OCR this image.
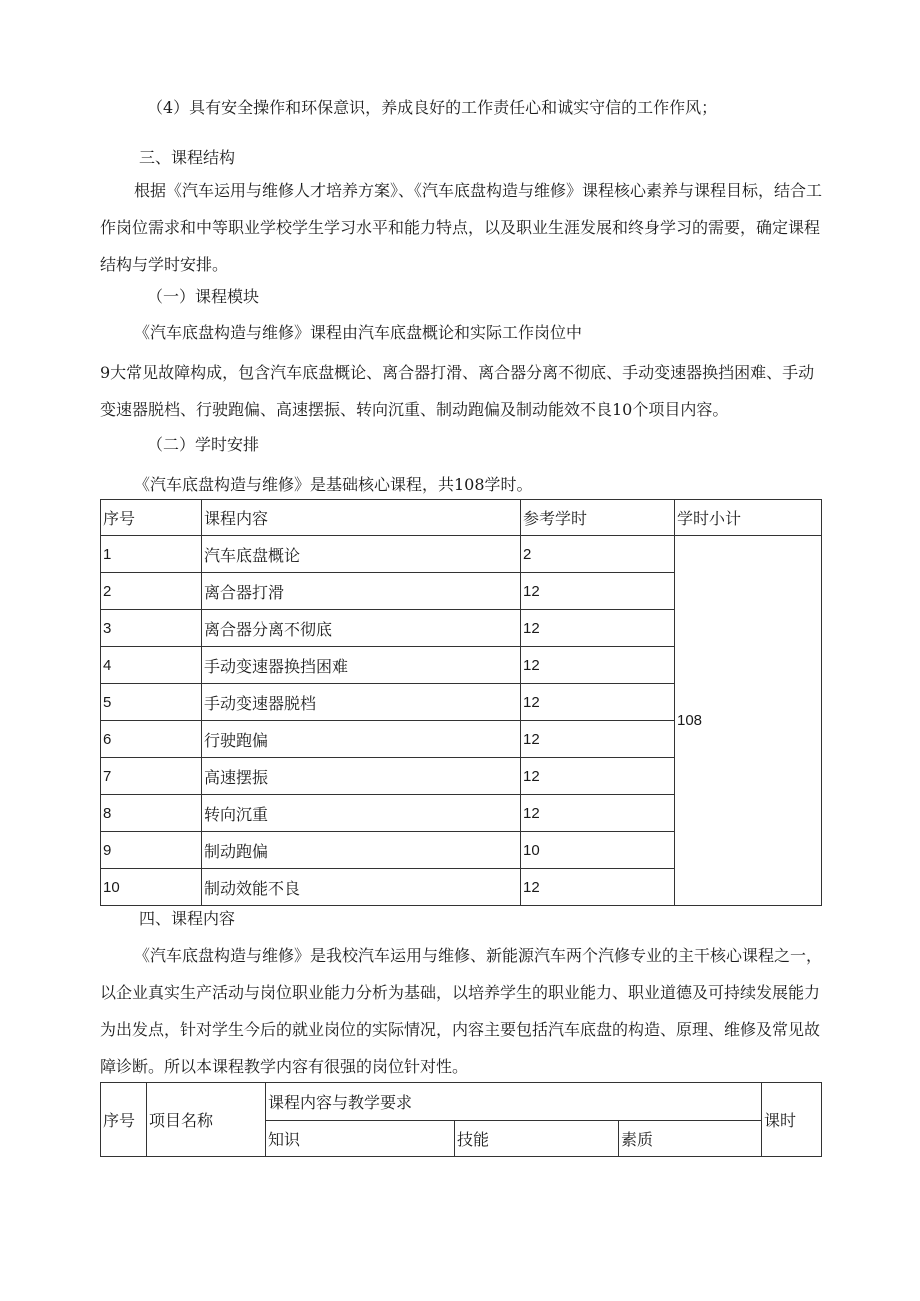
（4）具有安全操作和环保意识，养成良好的工作责任心和诚实守信的工作作风；

三、课程结构

根据《汽车运用与维修人才培养方案》、《汽车底盘构造与维修》课程核心素养与课程目标，结合工作岗位需求和中等职业学校学生学习水平和能力特点，以及职业生涯发展和终身学习的需要，确定课程结构与学时安排。

（一）课程模块

《汽车底盘构造与维修》课程由汽车底盘概论和实际工作岗位中

9大常见故障构成，包含汽车底盘概论、离合器打滑、离合器分离不彻底、手动变速器换挡困难、手动变速器脱档、行驶跑偏、高速摆振、转向沉重、制动跑偏及制动能效不良10个项目内容。

（二）学时安排

《汽车底盘构造与维修》是基础核心课程，共108学时。

序号	课程内容	参考学时	学时小计
1	汽车底盘概论	2	108
2	离合器打滑	12	
3	离合器分离不彻底	12	
4	手动变速器换挡困难	12	
5	手动变速器脱档	12	
6	行驶跑偏	12	
7	高速摆振	12	
8	转向沉重	12	
9	制动跑偏	10	
10	制动效能不良	12	

四、课程内容

《汽车底盘构造与维修》是我校汽车运用与维修、新能源汽车两个汽修专业的主干核心课程之一，以企业真实生产活动与岗位职业能力分析为基础，以培养学生的职业能力、职业道德及可持续发展能力为出发点，针对学生今后的就业岗位的实际情况，内容主要包括汽车底盘的构造、原理、维修及常见故障诊断。所以本课程教学内容有很强的岗位针对性。

序号	项目名称	课程内容与教学要求			课时
		知识	技能	素质	
